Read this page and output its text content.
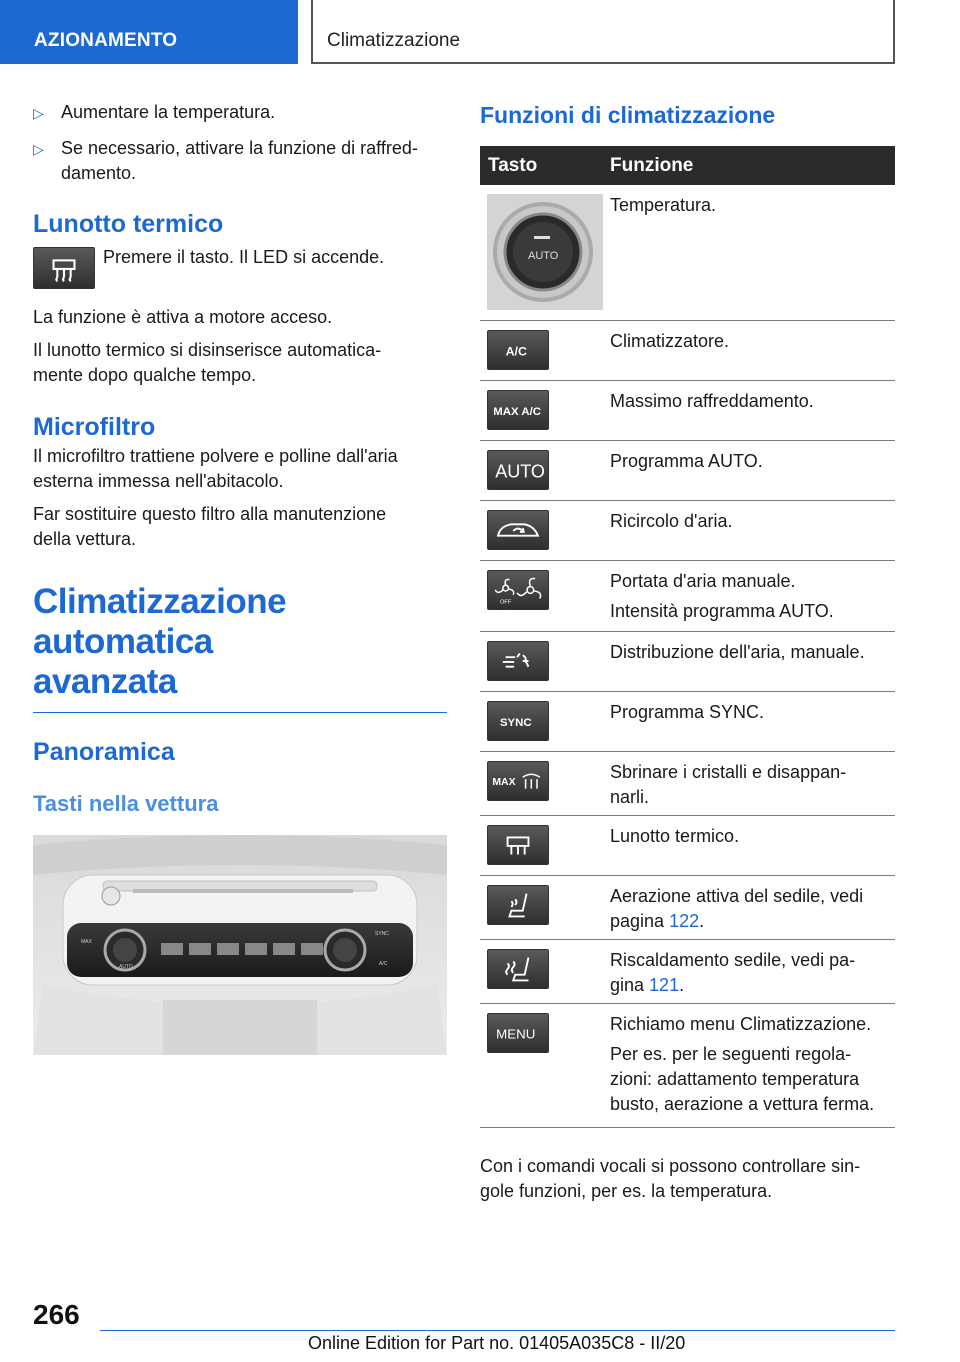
AZIONAMENTO	Climatizzazione
▷ Aumentare la temperatura.
▷ Se necessario, attivare la funzione di raffred-
damento.
Lunotto termico
Premere il tasto. Il LED si accende.
La funzione è attiva a motore acceso.
Il lunotto termico si disinserisce automatica-
mente dopo qualche tempo.
Microfiltro
Il microfiltro trattiene polvere e polline dall'aria
esterna immessa nell'abitacolo.
Far sostituire questo filtro alla manutenzione
della vettura.
Climatizzazione automatica
avanzata
Panoramica
Tasti nella vettura
MAX
AUTO
SYNC
A/C
Funzioni di climatizzazione
Tasto	Funzione
AUTO
Temperatura.
A/C
Climatizzatore.
MAX A/C
Massimo raffreddamento.
AUTO
Programma AUTO.
Ricircolo d'aria.
OFF
Portata d'aria manuale.
Intensità programma AUTO.
Distribuzione dell'aria, manuale.
SYNC
Programma SYNC.
MAX
Sbrinare i cristalli e disappan-
narli.
Lunotto termico.
Aerazione attiva del sedile, vedi
pagina 122.
Riscaldamento sedile, vedi pa-
gina 121.
MENU
Richiamo menu Climatizzazione.
Per es. per le seguenti regola-
zioni: adattamento temperatura
busto, aerazione a vettura ferma.
Con i comandi vocali si possono controllare sin-
gole funzioni, per es. la temperatura.
266
Online Edition for Part no. 01405A035C8 - II/20
